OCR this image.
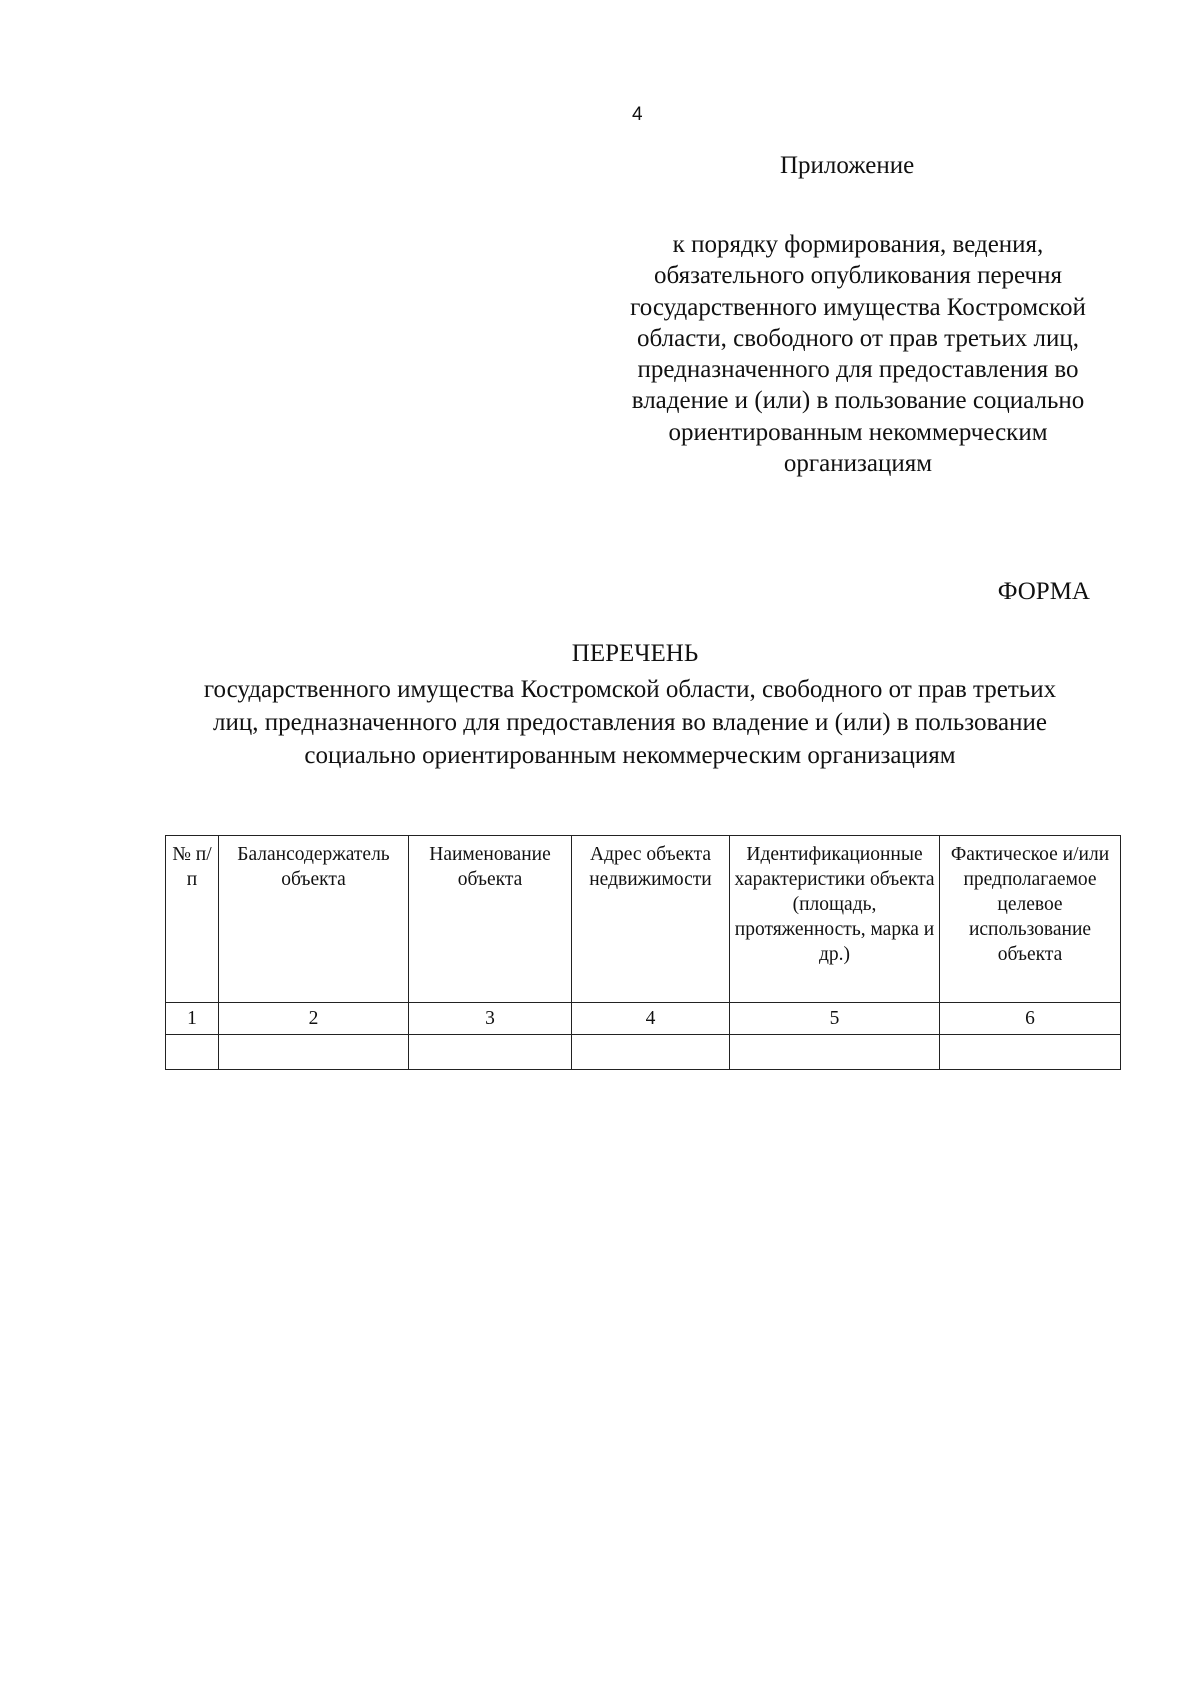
4
Приложение
к порядку формирования, ведения, обязательного опубликования перечня государственного имущества Костромской области, свободного от прав третьих лиц, предназначенного для предоставления во владение и (или) в пользование социально ориентированным некоммерческим организациям
ФОРМА
ПЕРЕЧЕНЬ
государственного имущества Костромской области, свободного от прав третьих лиц, предназначенного для предоставления во владение и (или) в пользование социально ориентированным некоммерческим организациям
№ п/п	Балансодержатель объекта	Наименование объекта	Адрес объекта недвижимости	Идентификационные характеристики объекта (площадь, протяженность, марка и др.)	Фактическое и/или предполагаемое целевое использование объекта
1	2	3	4	5	6
